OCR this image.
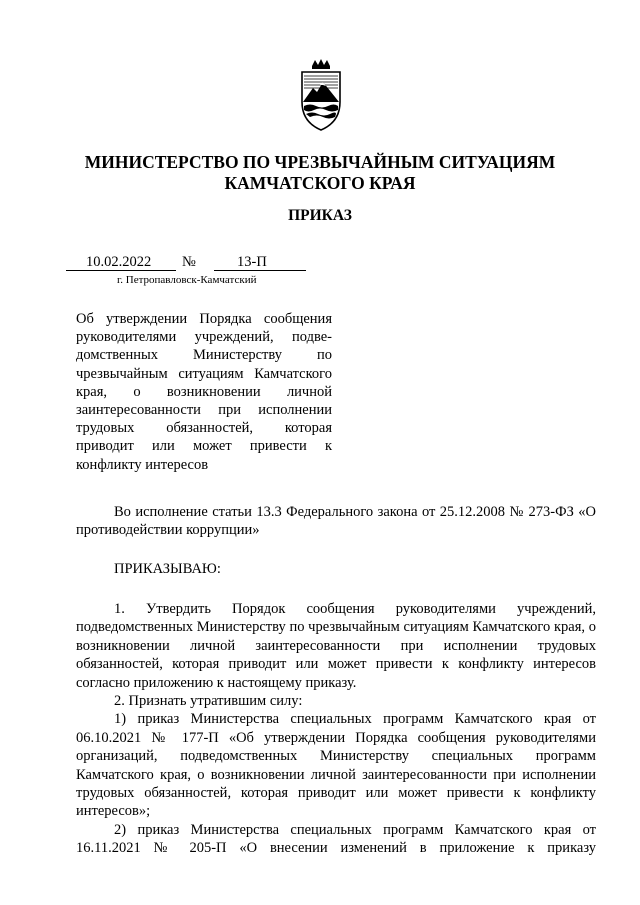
МИНИСТЕРСТВО ПО ЧРЕЗВЫЧАЙНЫМ СИТУАЦИЯМ
КАМЧАТСКОГО КРАЯ
ПРИКАЗ
10.02.2022 №	13-П
г. Петропавловск-Камчатский
Об утверждении Порядка сообщения руководителями учреждений, подве-домственных Министерству по чрезвычайным ситуациям Камчатского края, о возникновении личной заинтересованности при исполнении трудовых обязанностей, которая приводит или может привести к конфликту интересов

Во исполнение статьи 13.3 Федерального закона от 25.12.2008 № 273-ФЗ «О противодействии коррупции»

ПРИКАЗЫВАЮ:

1. Утвердить Порядок сообщения руководителями учреждений, подведомственных Министерству по чрезвычайным ситуациям Камчатского края, о возникновении личной заинтересованности при исполнении трудовых обязанностей, которая приводит или может привести к конфликту интересов согласно приложению к настоящему приказу.

2. Признать утратившим силу:

1) приказ Министерства специальных программ Камчатского края от 06.10.2021 № 177-П «Об утверждении Порядка сообщения руководителями организаций, подведомственных Министерству специальных программ Камчатского края, о возникновении личной заинтересованности при исполнении трудовых обязанностей, которая приводит или может привести к конфликту интересов»;

2) приказ Министерства специальных программ Камчатского края от 16.11.2021 № 205-П «О внесении изменений в приложение к приказу
